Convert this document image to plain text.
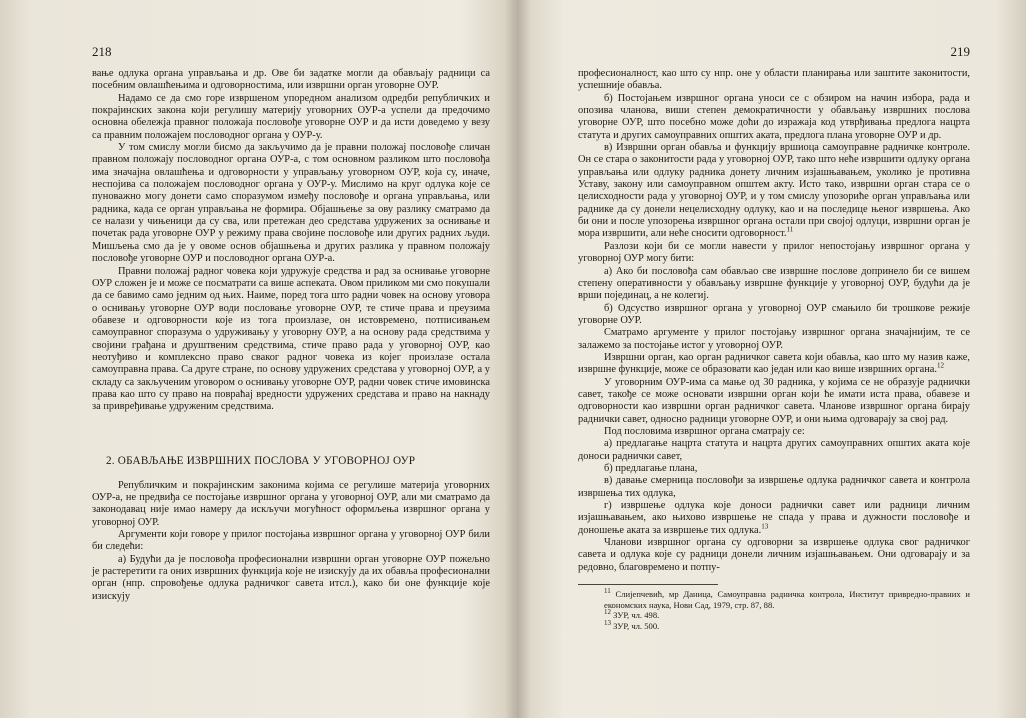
218

вање одлука органа управљања и др. Ове би задатке могли да обављају радници са посебним овлашћењима и одговорностима, или извршни орган уговорне ОУР.

Надамо се да смо горе извршеном упоредном анализом одредби републичких и покрајинских закона који регулишу материју уговорних ОУР-а успели да предочимо основна обележја правног положаја пословође уговорне ОУР и да исти доведемо у везу са правним положајем пословодног органа у ОУР-у.

У том смислу могли бисмо да закључимо да је правни положај пословође сличан правном положају пословодног органа ОУР-а, с том основном разликом што пословођа има значајна овлашћења и одговорности у управљању уговорном ОУР, која су, иначе, неспојива са положајем пословодног органа у ОУР-у. Мислимо на круг одлука које се пуноважно могу донети само споразумом између пословође и органа управљања, или радника, када се орган управљања не формира. Објашњење за ову разлику сматрамо да се налази у чињеници да су сва, или претежан део средстава удружених за оснивање и почетак рада уговорне ОУР у режиму права својине пословође или других радних људи. Мишљења смо да је у овоме основ објашњења и других разлика у правном положају пословође уговорне ОУР и пословодног органа ОУР-а.

Правни положај радног човека који удружује средства и рад за оснивање уговорне ОУР сложен је и може се посматрати са више аспеката. Овом приликом ми смо покушали да се бавимо само једним од њих. Наиме, поред тога што радни човек на основу уговора о оснивању уговорне ОУР води пословање уговорне ОУР, те стиче права и преузима обавезе и одговорности које из тога произлазе, он истовремено, потписивањем самоуправног споразума о удруживању у уговорну ОУР, а на основу рада средствима у својини грађана и друштвеним средствима, стиче право рада у уговорној ОУР, као неотуђиво и комплексно право сваког радног човека из којег произлазе остала самоуправна права. Са друге стране, по основу удружених средстава у уговорној ОУР, а у складу са закљученим уговором о оснивању уговорне ОУР, радни човек стиче имовинска права као што су право на повраћај вредности удружених средстава и право на накнаду за привређивање удруженим средствима.

2. ОБАВЉАЊЕ ИЗВРШНИХ ПОСЛОВА У УГОВОРНОЈ ОУР

Републичким и покрајинским законима којима се регулише материја уговорних ОУР-а, не предвиђа се постојање извршног органа у уговорној ОУР, али ми сматрамо да законодавац није имао намеру да искључи могућност оформљења извршног органа у уговорној ОУР.

Аргументи који говоре у прилог постојања извршног органа у уговорној ОУР били би следећи:

а) Будући да је пословођа професионални извршни орган уговорне ОУР пожељно је растеретити га оних извршних функција које не изискују да их обавља професионални орган (нпр. спровођење одлука радничког савета итсл.), како би оне функције које изискују

219

професионалност, као што су нпр. оне у области планирања или заштите законитости, успешније обавља.

б) Постојањем извршног органа уноси се с обзиром на начин избора, рада и опозива чланова, виши степен демократичности у обављању извршних послова уговорне ОУР, што посебно може доћи до изражаја код утврђивања предлога нацрта статута и других самоуправних општих аката, предлога плана уговорне ОУР и др.

в) Извршни орган обавља и функцију вршиоца самоуправне радничке контроле. Он се стара о законитости рада у уговорној ОУР, тако што неће извршити одлуку органа управљања или одлуку радника донету личним изјашњавањем, уколико је противна Уставу, закону или самоуправном општем акту. Исто тако, извршни орган стара се о целисходности рада у уговорној ОУР, и у том смислу упозориће орган управљања или раднике да су донели нецелисходну одлуку, као и на последице њеног извршења. Ако би они и после упозорења извршног органа остали при својој одлуци, извршни орган је мора извршити, али неће сносити одговорност.$^{11}$

Разлози који би се могли навести у прилог непостојању извршног органа у уговорној ОУР могу бити:

а) Ако би пословођа сам обављао све извршне послове допринело би се вишем степену оперативности у обављању извршне функције у уговорној ОУР, будући да је врши појединац, а не колегиј.

б) Одсуство извршног органа у уговорној ОУР смањило би трошкове режије уговорне ОУР.

Сматрамо аргументе у прилог постојању извршног органа значајнијим, те се залажемо за постојање истог у уговорној ОУР.

Извршни орган, као орган радничког савета који обавља, као што му назив каже, извршне функције, може се образовати као један или као више извршних органа.$^{12}$

У уговорним ОУР-има са мање од 30 радника, у којима се не образује раднички савет, такође се може основати извршни орган који ће имати иста права, обавезе и одговорности као извршни орган радничког савета. Чланове извршног органа бирају раднички савет, односно радници уговорне ОУР, и они њима одговарају за свој рад.

Под пословима извршног органа сматрају се:

а) предлагање нацрта статута и нацрта других самоуправних општих аката које доноси раднички савет,

б) предлагање плана,

в) давање смерница пословођи за извршење одлука радничког савета и контрола извршења тих одлука,

г) извршење одлука које доноси раднички савет или радници личним изјашњавањем, ако њихово извршење не спада у права и дужности пословође и доношење аката за извршење тих одлука.$^{13}$

Чланови извршног органа су одговорни за извршење одлука свог радничког савета и одлука које су радници донели личним изјашњавањем. Они одговарају и за редовно, благовремено и потпу-

$^{11}$ Слијепчевић, мр Даница, Самоуправна радничка контрола, Институт привредно-правних и економских наука, Нови Сад, 1979, стр. 87, 88.

$^{12}$ ЗУР, чл. 498.

$^{13}$ ЗУР, чл. 500.
